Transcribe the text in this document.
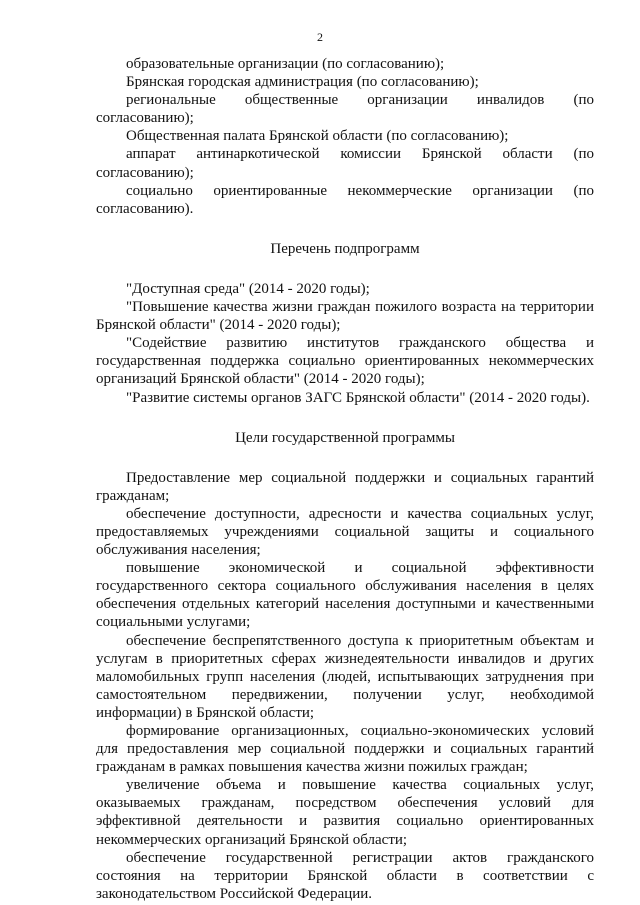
2

образовательные организации (по согласованию);

Брянская городская администрация (по согласованию);

региональные общественные организации инвалидов (по согласованию);

Общественная палата Брянской области (по согласованию);

аппарат антинаркотической комиссии Брянской области (по согласованию);

социально ориентированные некоммерческие организации (по согласованию).

Перечень подпрограмм

"Доступная среда" (2014 - 2020 годы);

"Повышение качества жизни граждан пожилого возраста на территории Брянской области" (2014 - 2020 годы);

"Содействие развитию институтов гражданского общества и государственная поддержка социально ориентированных некоммерческих организаций Брянской области" (2014 - 2020 годы);

"Развитие системы органов ЗАГС Брянской области" (2014 - 2020 годы).

Цели государственной программы

Предоставление мер социальной поддержки и социальных гарантий гражданам;

обеспечение доступности, адресности и качества социальных услуг, предоставляемых учреждениями социальной защиты и социального обслуживания населения;

повышение экономической и социальной эффективности государственного сектора социального обслуживания населения в целях обеспечения отдельных категорий населения доступными и качественными социальными услугами;

обеспечение беспрепятственного доступа к приоритетным объектам и услугам в приоритетных сферах жизнедеятельности инвалидов и других маломобильных групп населения (людей, испытывающих затруднения при самостоятельном передвижении, получении услуг, необходимой информации) в Брянской области;

формирование организационных, социально-экономических условий для предоставления мер социальной поддержки и социальных гарантий гражданам в рамках повышения качества жизни пожилых граждан;

увеличение объема и повышение качества социальных услуг, оказываемых гражданам, посредством обеспечения условий для эффективной деятельности и развития социально ориентированных некоммерческих организаций Брянской области;

обеспечение государственной регистрации актов гражданского состояния на территории Брянской области в соответствии с законодательством Российской Федерации.
